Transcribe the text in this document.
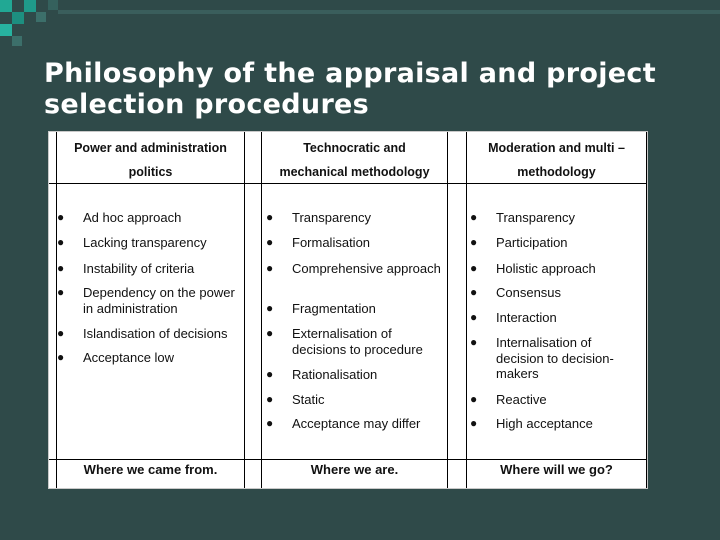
Philosophy of the appraisal and project
selection procedures
Power and administration
politics
Technocratic and
mechanical methodology
Moderation and multi –
methodology
● Ad hoc approach
● Lacking transparency
● Instability of criteria
● Dependency on the power in administration
● Islandisation of decisions
● Acceptance low
● Transparency
● Formalisation
● Comprehensive approach
● Fragmentation
● Externalisation of decisions to procedure
● Rationalisation
● Static
● Acceptance may differ
● Transparency
● Participation
● Holistic approach
● Consensus
● Interaction
● Internalisation of decision to decision-makers
● Reactive
● High acceptance
Where we came from.	Where we are.	Where will we go?
